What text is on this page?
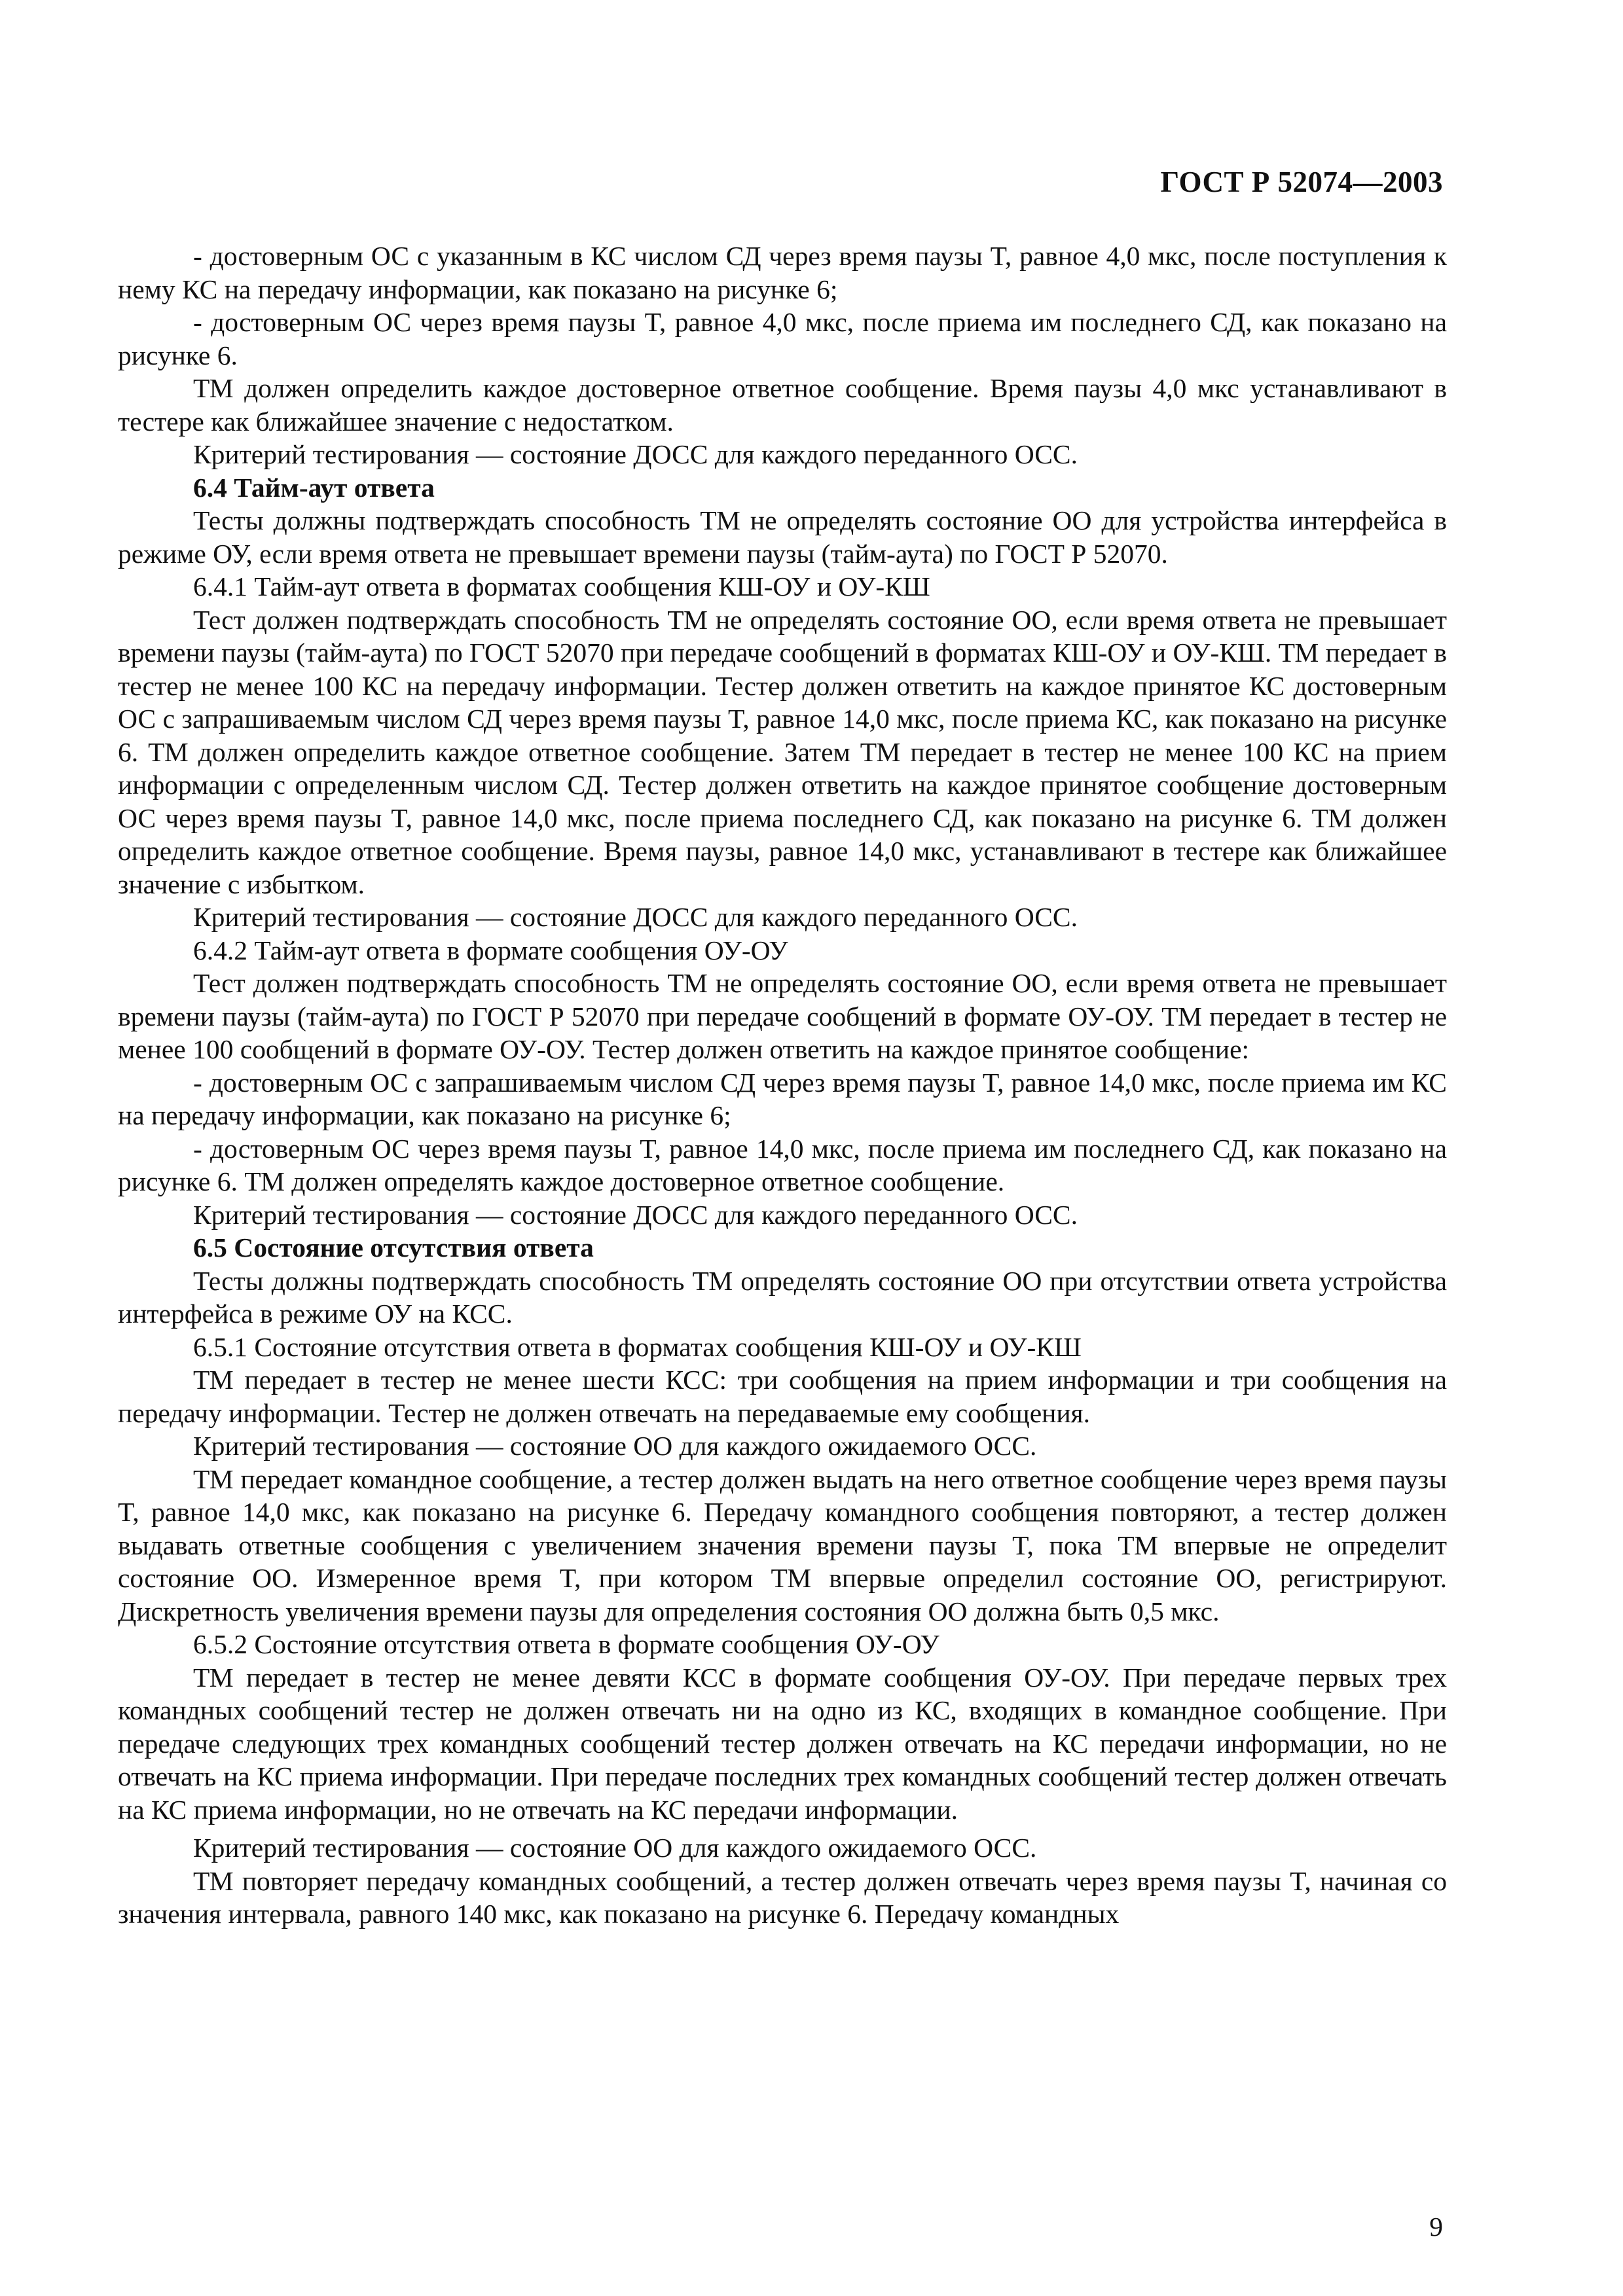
ГОСТ Р 52074—2003

- достоверным ОС с указанным в КС числом СД через время паузы T, равное 4,0 мкс, после поступления к нему КС на передачу информации, как показано на рисунке 6;

- достоверным ОС через время паузы T, равное 4,0 мкс, после приема им последнего СД, как показано на рисунке 6.

ТМ должен определить каждое достоверное ответное сообщение. Время паузы 4,0 мкс устанавливают в тестере как ближайшее значение с недостатком.

Критерий тестирования — состояние ДОСС для каждого переданного ОСС.

6.4 Тайм-аут ответа

Тесты должны подтверждать способность ТМ не определять состояние ОО для устройства интерфейса в режиме ОУ, если время ответа не превышает времени паузы (тайм-аута) по ГОСТ Р 52070.

6.4.1 Тайм-аут ответа в форматах сообщения КШ-ОУ и ОУ-КШ

Тест должен подтверждать способность ТМ не определять состояние ОО, если время ответа не превышает времени паузы (тайм-аута) по ГОСТ 52070 при передаче сообщений в форматах КШ-ОУ и ОУ-КШ. ТМ передает в тестер не менее 100 КС на передачу информации. Тестер должен ответить на каждое принятое КС достоверным ОС с запрашиваемым числом СД через время паузы T, равное 14,0 мкс, после приема КС, как показано на рисунке 6. ТМ должен определить каждое ответное сообщение. Затем ТМ передает в тестер не менее 100 КС на прием информации с определенным числом СД. Тестер должен ответить на каждое принятое сообщение достоверным ОС через время паузы T, равное 14,0 мкс, после приема последнего СД, как показано на рисунке 6. ТМ должен определить каждое ответное сообщение. Время паузы, равное 14,0 мкс, устанавливают в тестере как ближайшее значение с избытком.

Критерий тестирования — состояние ДОСС для каждого переданного ОСС.

6.4.2 Тайм-аут ответа в формате сообщения ОУ-ОУ

Тест должен подтверждать способность ТМ не определять состояние ОО, если время ответа не превышает времени паузы (тайм-аута) по ГОСТ Р 52070 при передаче сообщений в формате ОУ-ОУ. ТМ передает в тестер не менее 100 сообщений в формате ОУ-ОУ. Тестер должен ответить на каждое принятое сообщение:

- достоверным ОС с запрашиваемым числом СД через время паузы T, равное 14,0 мкс, после приема им КС на передачу информации, как показано на рисунке 6;

- достоверным ОС через время паузы T, равное 14,0 мкс, после приема им последнего СД, как показано на рисунке 6. ТМ должен определять каждое достоверное ответное сообщение.

Критерий тестирования — состояние ДОСС для каждого переданного ОСС.

6.5 Состояние отсутствия ответа

Тесты должны подтверждать способность ТМ определять состояние ОО при отсутствии ответа устройства интерфейса в режиме ОУ на КСС.

6.5.1 Состояние отсутствия ответа в форматах сообщения КШ-ОУ и ОУ-КШ

ТМ передает в тестер не менее шести КСС: три сообщения на прием информации и три сообщения на передачу информации. Тестер не должен отвечать на передаваемые ему сообщения.

Критерий тестирования — состояние ОО для каждого ожидаемого ОСС.

ТМ передает командное сообщение, а тестер должен выдать на него ответное сообщение через время паузы T, равное 14,0 мкс, как показано на рисунке 6. Передачу командного сообщения повторяют, а тестер должен выдавать ответные сообщения с увеличением значения времени паузы T, пока ТМ впервые не определит состояние ОО. Измеренное время T, при котором ТМ впервые определил состояние ОО, регистрируют. Дискретность увеличения времени паузы для определения состояния ОО должна быть 0,5 мкс.

6.5.2 Состояние отсутствия ответа в формате сообщения ОУ-ОУ

ТМ передает в тестер не менее девяти КСС в формате сообщения ОУ-ОУ. При передаче первых трех командных сообщений тестер не должен отвечать ни на одно из КС, входящих в командное сообщение. При передаче следующих трех командных сообщений тестер должен отвечать на КС передачи информации, но не отвечать на КС приема информации. При передаче последних трех командных сообщений тестер должен отвечать на КС приема информации, но не отвечать на КС передачи информации.

Критерий тестирования — состояние ОО для каждого ожидаемого ОСС.

ТМ повторяет передачу командных сообщений, а тестер должен отвечать через время паузы T, начиная со значения интервала, равного 140 мкс, как показано на рисунке 6. Передачу командных

9
